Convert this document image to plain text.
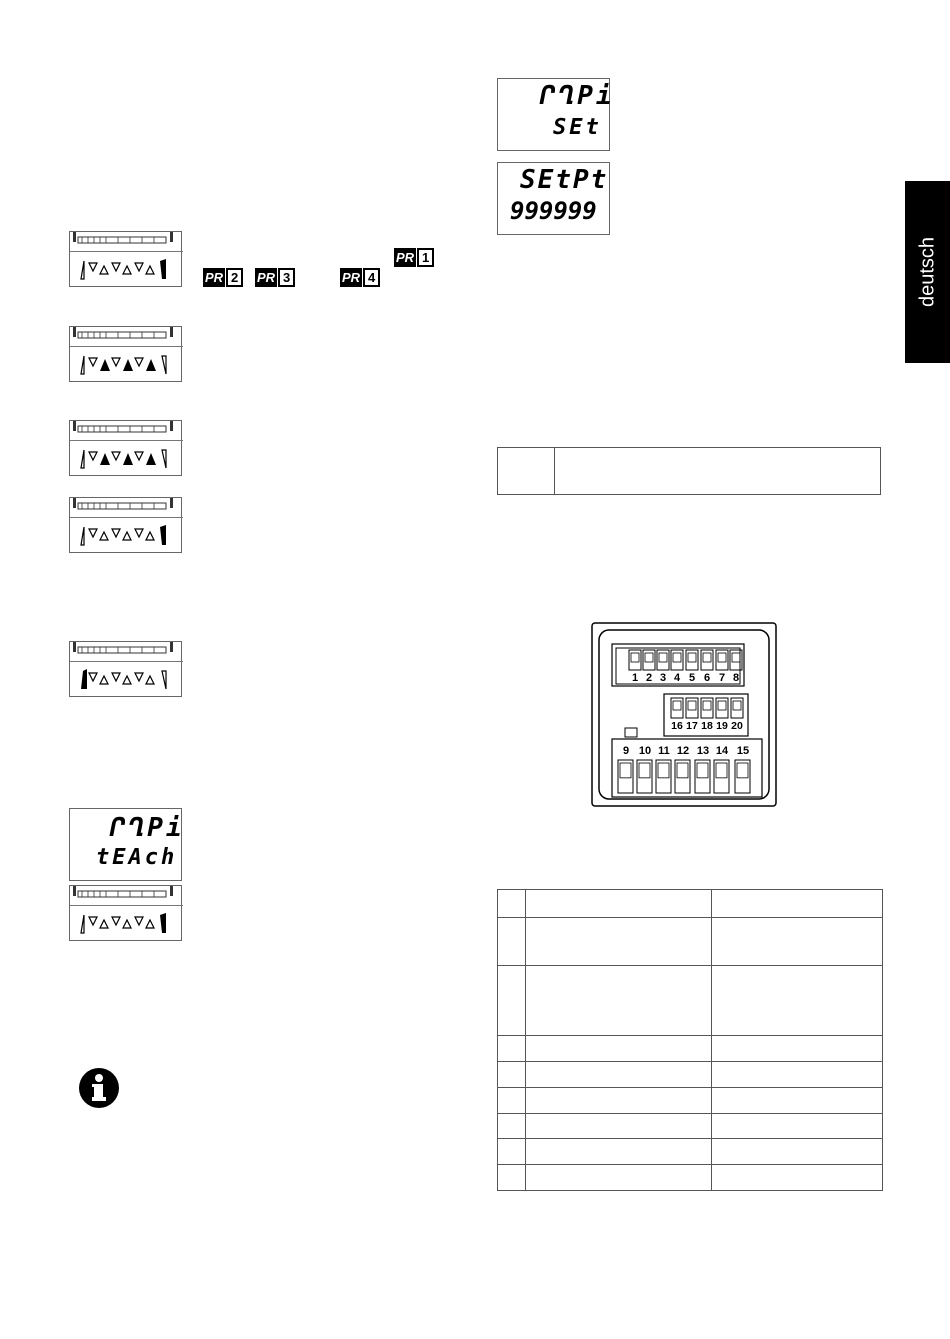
deutsch
PR 1
PR 2	PR 3	PR 4
ՐՂPi
tEAch
ՐՂPi
SEt
SEtPt
999999

1 2 3 4 5 6 7 8
16 17 18 19 20
9 10 11 12 13 14 15
